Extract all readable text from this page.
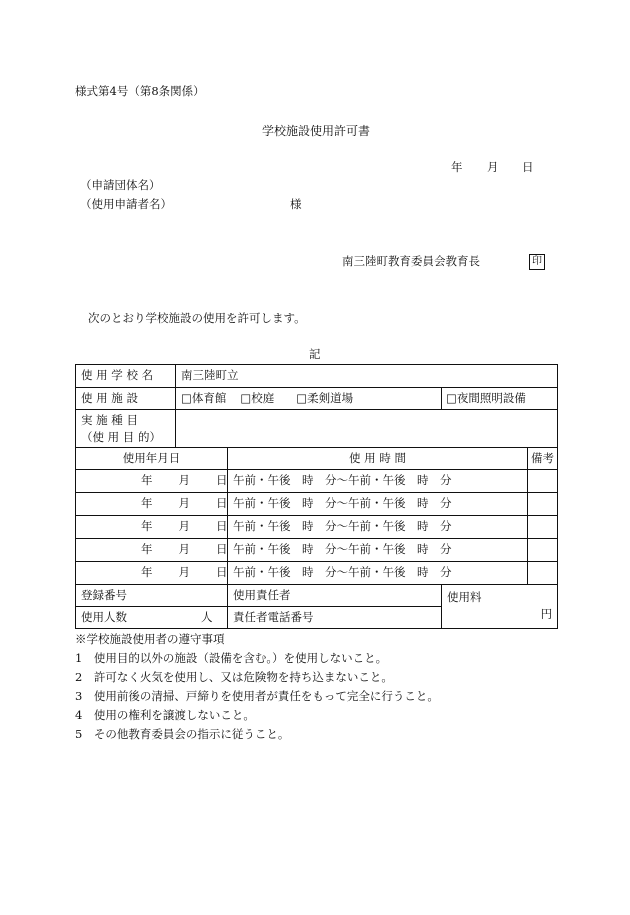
様式第4号（第8条関係）
学校施設使用許可書
年 月 日
（申請団体名）
（使用申請者名）	様
南三陸町教育委員会教育長	印
次のとおり学校施設の使用を許可します。
記
使 用 学 校 名	南三陸町立			
使 用 施 設	□体育館 □校庭 □柔剣道場		□夜間照明設備	

実 施 種 目
（使 用 目 的）				

使用年月日		使 用 時 間		備考
年 月 日		午前・午後　時　分～午前・午後　時　分		
年 月 日		午前・午後　時　分～午前・午後　時　分		
年 月 日		午前・午後　時　分～午前・午後　時　分		
年 月 日		午前・午後　時　分～午前・午後　時　分		
年 月 日		午前・午後　時　分～午前・午後　時　分		
登録番号		使用責任者	使用料
円	

使用人数 人		責任者電話番号		
※学校施設使用者の遵守事項
1　使用目的以外の施設（設備を含む。）を使用しないこと。
2　許可なく火気を使用し、又は危険物を持ち込まないこと。
3　使用前後の清掃、戸締りを使用者が責任をもって完全に行うこと。
4　使用の権利を譲渡しないこと。
5　その他教育委員会の指示に従うこと。
